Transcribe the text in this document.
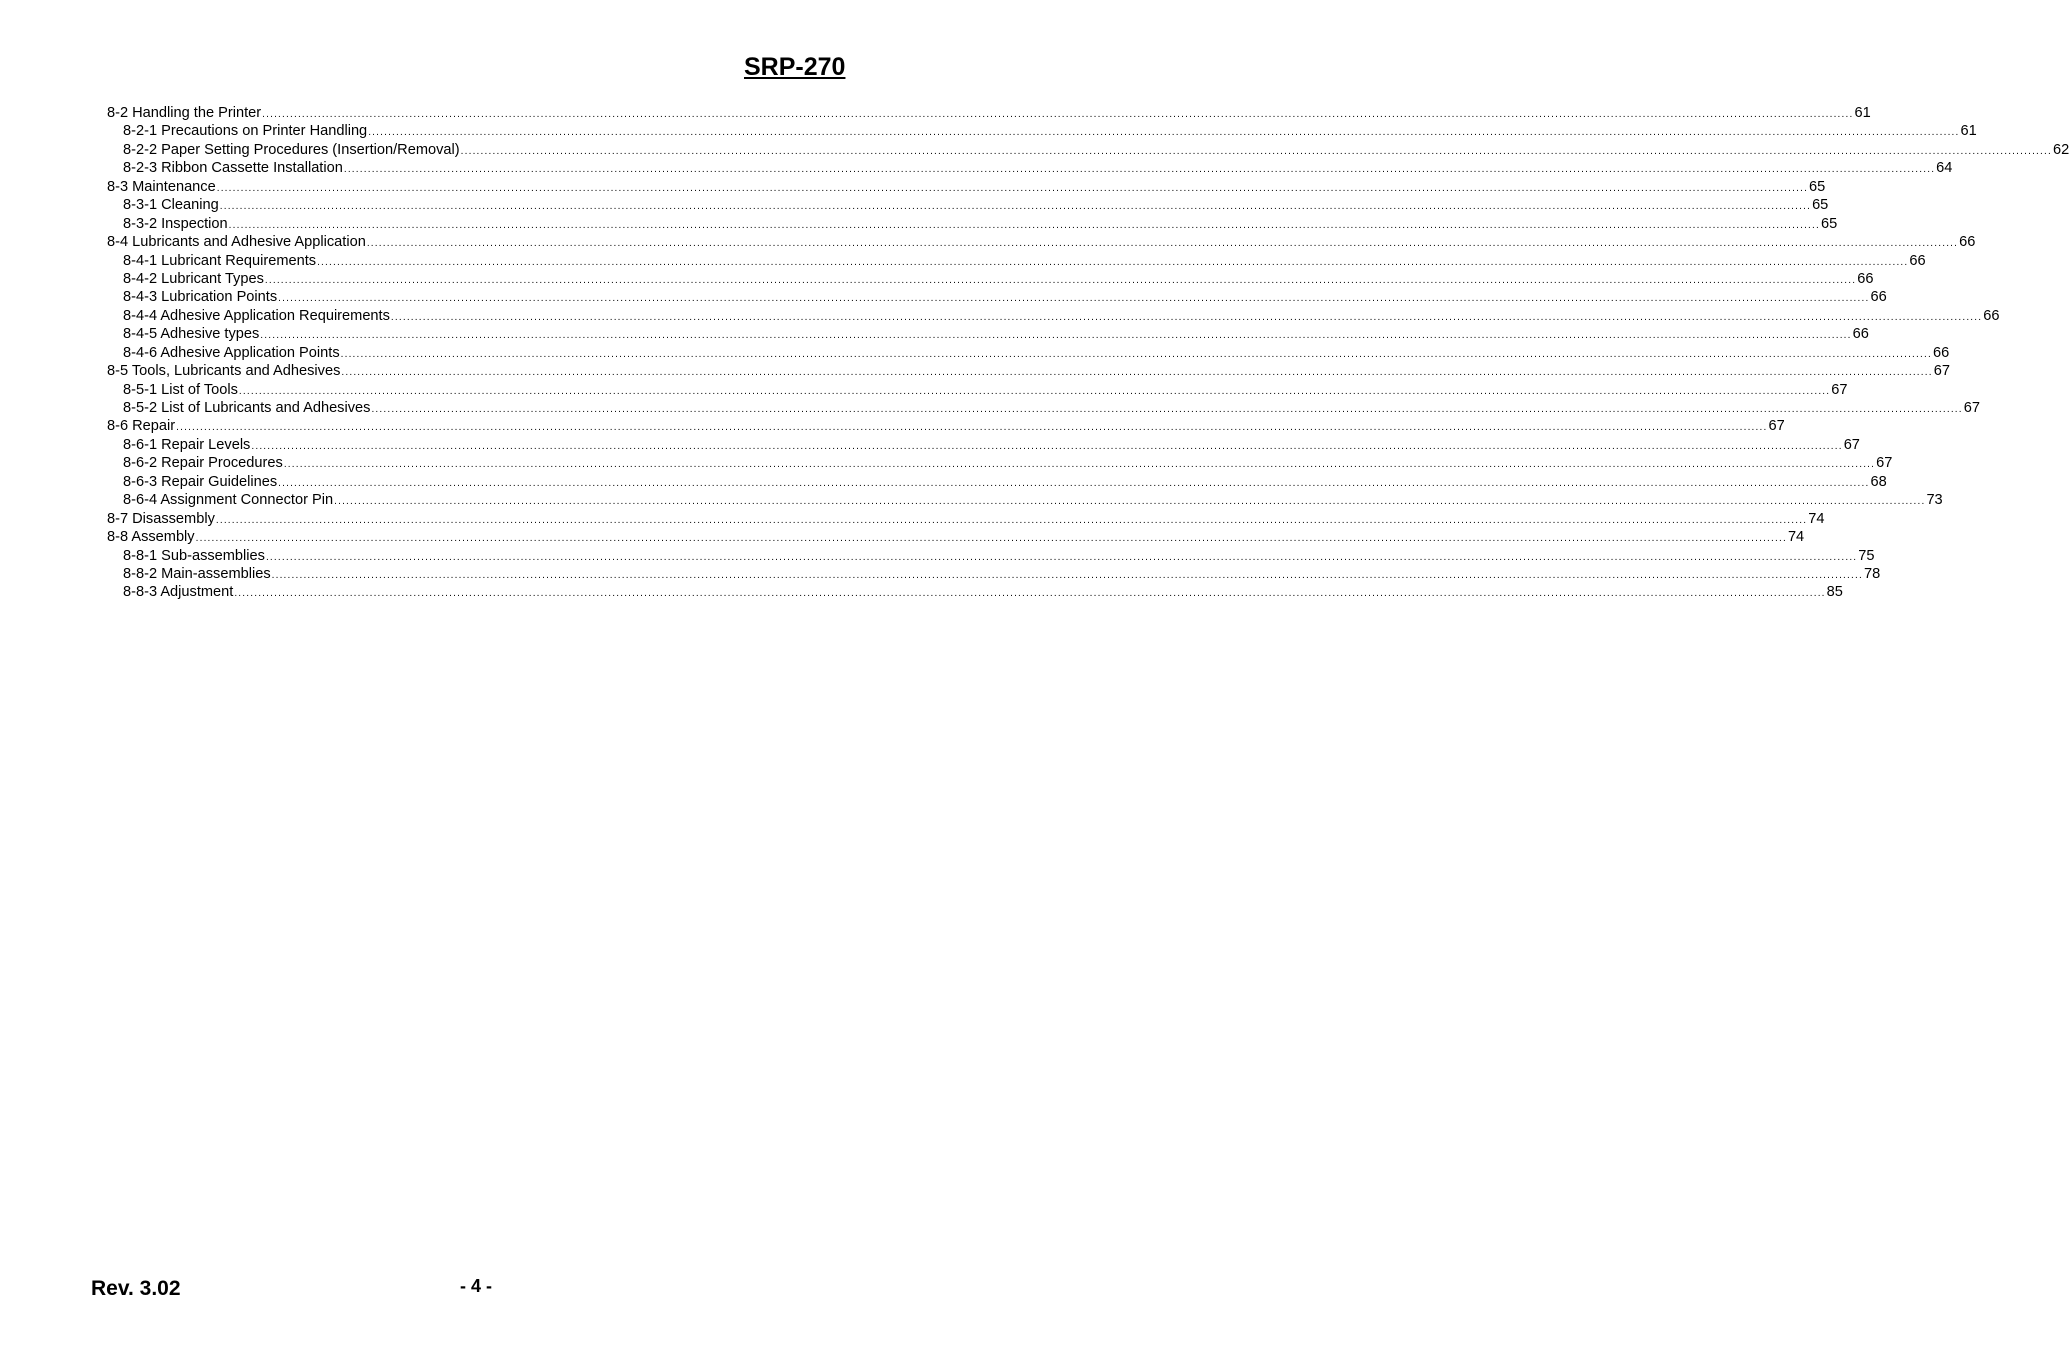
SRP-270
8-2 Handling the Printer ................................................................................................................................................................................................................................................................................................................................................................................................................ 61
8-2-1 Precautions on Printer Handling ................................................................................................................................................................................................................................................................................................................................................................................................................ 61
8-2-2 Paper Setting Procedures (Insertion/Removal) ................................................................................................................................................................................................................................................................................................................................................................................................................ 62
8-2-3 Ribbon Cassette Installation ................................................................................................................................................................................................................................................................................................................................................................................................................ 64
8-3 Maintenance ................................................................................................................................................................................................................................................................................................................................................................................................................ 65
8-3-1 Cleaning ................................................................................................................................................................................................................................................................................................................................................................................................................ 65
8-3-2 Inspection ................................................................................................................................................................................................................................................................................................................................................................................................................ 65
8-4 Lubricants and Adhesive Application ................................................................................................................................................................................................................................................................................................................................................................................................................ 66
8-4-1 Lubricant Requirements ................................................................................................................................................................................................................................................................................................................................................................................................................ 66
8-4-2 Lubricant Types ................................................................................................................................................................................................................................................................................................................................................................................................................ 66
8-4-3 Lubrication Points ................................................................................................................................................................................................................................................................................................................................................................................................................ 66
8-4-4 Adhesive Application Requirements ................................................................................................................................................................................................................................................................................................................................................................................................................ 66
8-4-5 Adhesive types ................................................................................................................................................................................................................................................................................................................................................................................................................ 66
8-4-6 Adhesive Application Points ................................................................................................................................................................................................................................................................................................................................................................................................................ 66
8-5 Tools, Lubricants and Adhesives ................................................................................................................................................................................................................................................................................................................................................................................................................ 67
8-5-1 List of Tools ................................................................................................................................................................................................................................................................................................................................................................................................................ 67
8-5-2 List of Lubricants and Adhesives ................................................................................................................................................................................................................................................................................................................................................................................................................ 67
8-6 Repair ................................................................................................................................................................................................................................................................................................................................................................................................................ 67
8-6-1 Repair Levels ................................................................................................................................................................................................................................................................................................................................................................................................................ 67
8-6-2 Repair Procedures ................................................................................................................................................................................................................................................................................................................................................................................................................ 67
8-6-3 Repair Guidelines ................................................................................................................................................................................................................................................................................................................................................................................................................ 68
8-6-4 Assignment Connector Pin ................................................................................................................................................................................................................................................................................................................................................................................................................ 73
8-7 Disassembly ................................................................................................................................................................................................................................................................................................................................................................................................................ 74
8-8 Assembly ................................................................................................................................................................................................................................................................................................................................................................................................................ 74
8-8-1 Sub-assemblies ................................................................................................................................................................................................................................................................................................................................................................................................................ 75
8-8-2 Main-assemblies ................................................................................................................................................................................................................................................................................................................................................................................................................ 78
8-8-3 Adjustment ................................................................................................................................................................................................................................................................................................................................................................................................................ 85
Rev. 3.02	- 4 -
